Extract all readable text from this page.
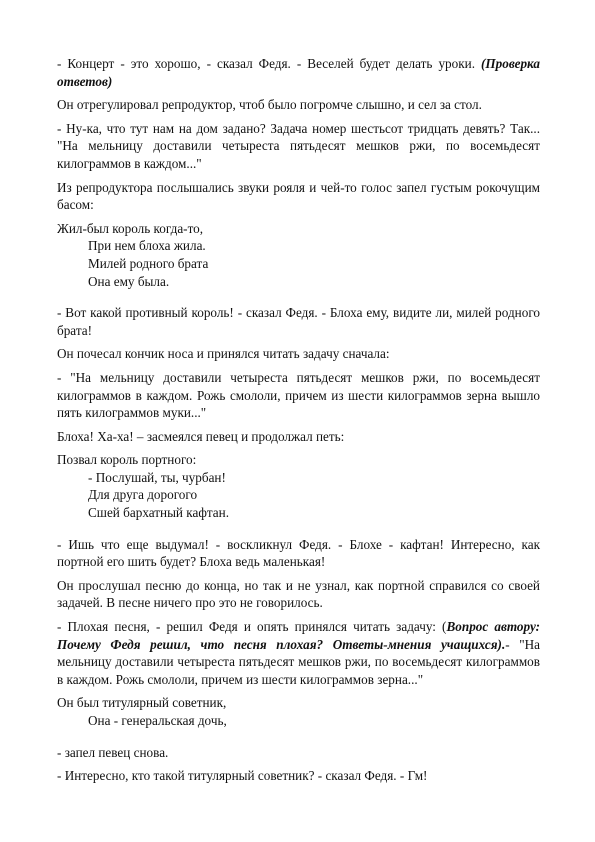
- Концерт - это хорошо, - сказал Федя. - Веселей будет делать уроки. (Проверка ответов)

Он отрегулировал репродуктор, чтоб было погромче слышно, и сел за стол.

- Ну-ка, что тут нам на дом задано? Задача номер шестьсот тридцать девять? Так... "На мельницу доставили четыреста пятьдесят мешков ржи, по восемьдесят килограммов в каждом..."

Из репродуктора послышались звуки рояля и чей-то голос запел густым рокочущим басом:

Жил-был король когда-то,
При нем блоха жила.
Милей родного брата
Она ему была.

- Вот какой противный король! - сказал Федя. - Блоха ему, видите ли, милей родного брата!

Он почесал кончик носа и принялся читать задачу сначала:

- "На мельницу доставили четыреста пятьдесят мешков ржи, по восемьдесят килограммов в каждом. Рожь смололи, причем из шести килограммов зерна вышло пять килограммов муки..."

Блоха! Ха-ха! – засмеялся певец и продолжал петь:

Позвал король портного:
- Послушай, ты, чурбан!
Для друга дорогого
Сшей бархатный кафтан.

- Ишь что еще выдумал! - воскликнул Федя. - Блохе - кафтан! Интересно, как портной его шить будет? Блоха ведь маленькая!

Он прослушал песню до конца, но так и не узнал, как портной справился со своей задачей. В песне ничего про это не говорилось.

- Плохая песня, - решил Федя и опять принялся читать задачу: (Вопрос автору: Почему Федя решил, что песня плохая? Ответы-мнения учащихся).- "На мельницу доставили четыреста пятьдесят мешков ржи, по восемьдесят килограммов в каждом. Рожь смололи, причем из шести килограммов зерна..."

Он был титулярный советник,
Она - генеральская дочь,

- запел певец снова.

- Интересно, кто такой титулярный советник? - сказал Федя. - Гм!
